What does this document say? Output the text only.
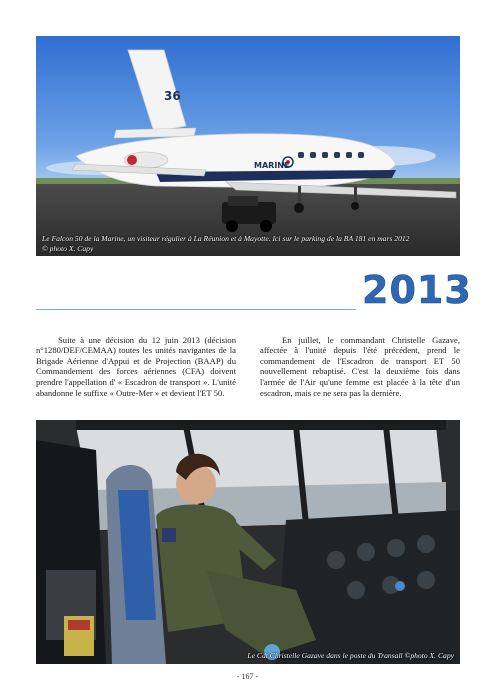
36
MARINE
Le Falcon 50 de la Marine, un visiteur régulier à La Réunion et à Mayotte. Ici sur le parking de la BA 181 en mars 2012
© photo X. Capy
2013

Suite à une décision du 12 juin 2013 (décision n°1280/DEF/CEMAA) toutes les unités navigantes de la Brigade Aérienne d'Appui et de Projection (BAAP) du Commandement des forces aériennes (CFA) doivent prendre l'appellation d' « Escadron de transport ». L'unité abandonne le suffixe « Outre-Mer » et devient l'ET 50.

En juillet, le commandant Christelle Gazave, affectée à l'unité depuis l'été précédent, prend le commandement de l'Escadron de transport ET 50 nouvellement rebaptisé. C'est la deuxième fois dans l'armée de l'Air qu'une femme est placée à la tête d'un escadron, mais ce ne sera pas la dernière.

Le Cdt Christelle Gazave dans le poste du Transall ©photo X. Capy
- 167 -
